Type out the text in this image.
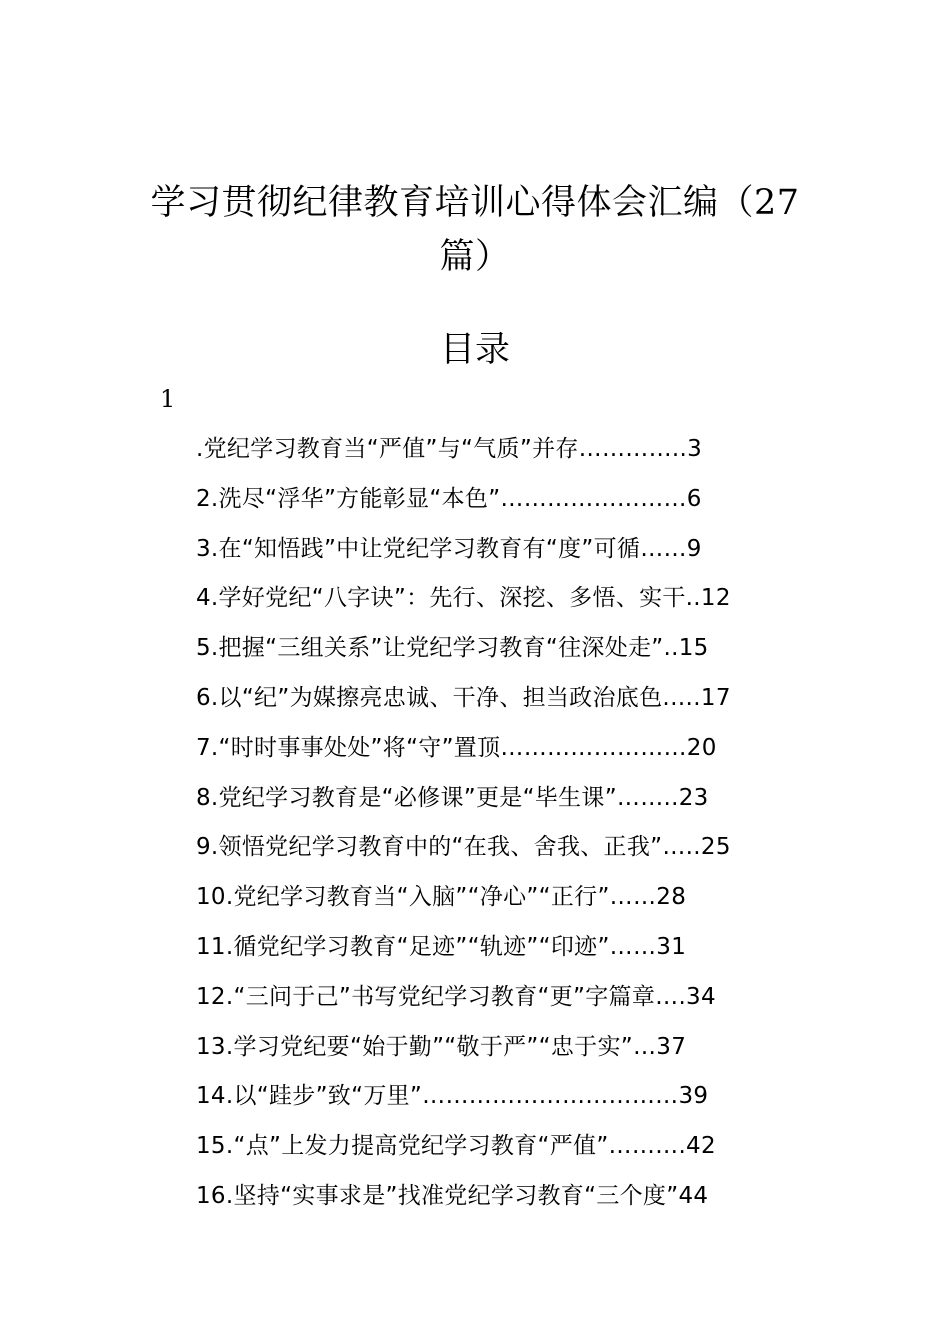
学习贯彻纪律教育培训心得体会汇编（27
篇）
目录
1
.党纪学习教育当“严值”与“气质”并存…………..3
2.洗尽“浮华”方能彰显“本色”……………………6
3.在“知悟践”中让党纪学习教育有“度”可循……9
4.学好党纪“八字诀”：先行、深挖、多悟、实干..12
5.把握“三组关系”让党纪学习教育“往深处走”..15
6.以“纪”为媒擦亮忠诚、干净、担当政治底色.….17
7.“时时事事处处”将“守”置顶……………………20
8.党纪学习教育是“必修课”更是“毕生课”……..23
9.领悟党纪学习教育中的“在我、舍我、正我”…..25
10.党纪学习教育当“入脑”“净心”“正行”……28
11.循党纪学习教育“足迹”“轨迹”“印迹”……31
12.“三问于己”书写党纪学习教育“更”字篇章….34
13.学习党纪要“始于勤”“敬于严”“忠于实”…37
14.以“跬步”致“万里”……………………………39
15.“点”上发力提高党纪学习教育“严值”……….42
16.坚持“实事求是”找准党纪学习教育“三个度”44
